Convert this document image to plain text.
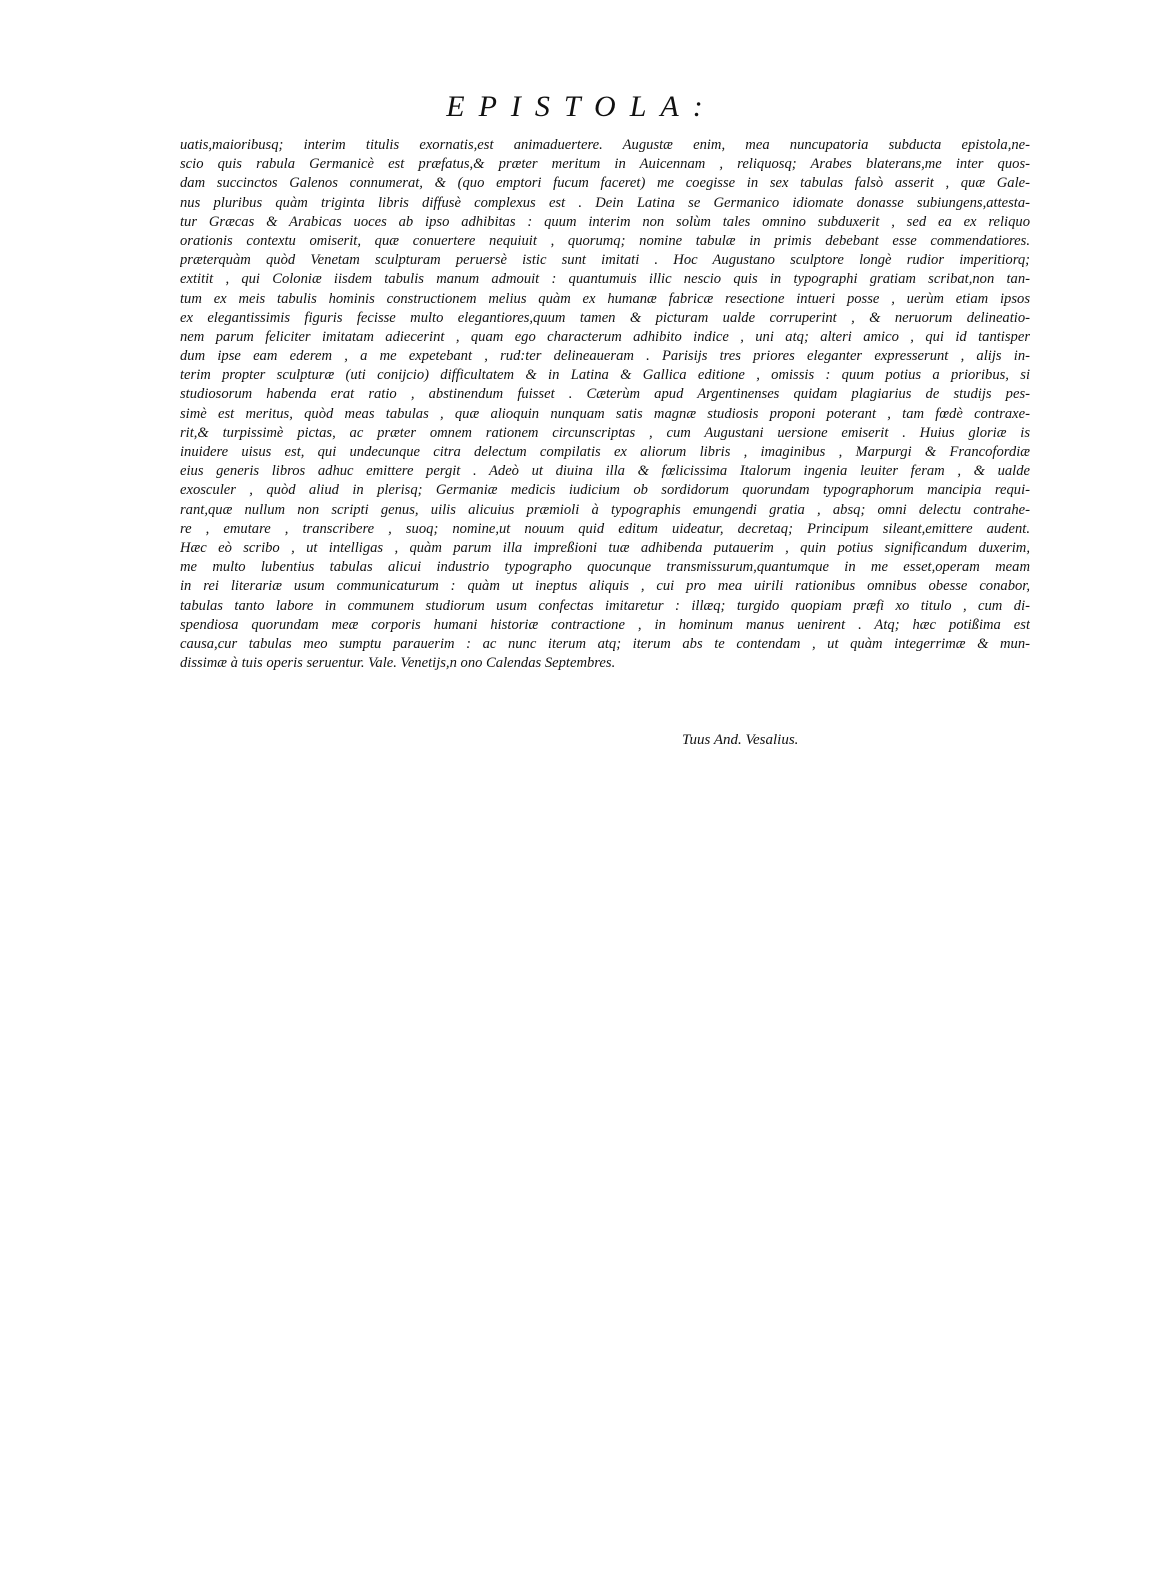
EPISTOLA:
uatis,maioribusq; interim titulis exornatis,est animaduertere. Augustæ enim, mea nuncupatoria subducta epistola,ne-
scio quis rabula Germanicè est præfatus,& præter meritum in Auicennam , reliquosq; Arabes blaterans,me inter quos-
dam succinctos Galenos connumerat, & (quo emptori fucum faceret) me coegisse in sex tabulas falsò asserit , quæ Gale-
nus pluribus quàm triginta libris diffusè complexus est . Dein Latina se Germanico idiomate donasse subiungens,attesta-
tur Græcas & Arabicas uoces ab ipso adhibitas : quum interim non solùm tales omnino subduxerit , sed ea ex reliquo
orationis contextu omiserit, quæ conuertere nequiuit , quorumq; nomine tabulæ in primis debebant esse commendatiores.
præterquàm quòd Venetam sculpturam peruersè istic sunt imitati . Hoc Augustano sculptore longè rudior imperitiorq;
extitit , qui Coloniæ iisdem tabulis manum admouit : quantumuis illic nescio quis in typographi gratiam scribat,non tan-
tum ex meis tabulis hominis constructionem melius quàm ex humanæ fabricæ resectione intueri posse , uerùm etiam ipsos
ex elegantissimis figuris fecisse multo elegantiores,quum tamen & picturam ualde corruperint , & neruorum delineatio-
nem parum feliciter imitatam adiecerint , quam ego characterum adhibito indice , uni atq; alteri amico , qui id tantisper
dum ipse eam ederem , a me expetebant , rud:ter delineaueram . Parisijs tres priores eleganter expresserunt , alijs in-
terim propter sculpturæ (uti conijcio) difficultatem & in Latina & Gallica editione , omissis : quum potius a prioribus, si
studiosorum habenda erat ratio , abstinendum fuisset . Cæterùm apud Argentinenses quidam plagiarius de studijs pes-
simè est meritus, quòd meas tabulas , quæ alioquin nunquam satis magnæ studiosis proponi poterant , tam fœdè contraxe-
rit,& turpissimè pictas, ac præter omnem rationem circunscriptas , cum Augustani uersione emiserit . Huius gloriæ is
inuidere uisus est, qui undecunque citra delectum compilatis ex aliorum libris , imaginibus , Marpurgi & Francofordiæ
eius generis libros adhuc emittere pergit . Adeò ut diuina illa & fœlicissima Italorum ingenia leuiter feram , & ualde
exosculer , quòd aliud in plerisq; Germaniæ medicis iudicium ob sordidorum quorundam typographorum mancipia requi-
rant,quæ nullum non scripti genus, uilis alicuius præmioli à typographis emungendi gratia , absq; omni delectu contrahe-
re , emutare , transcribere , suoq; nomine,ut nouum quid editum uideatur, decretaq; Principum sileant,emittere audent.
Hæc eò scribo , ut intelligas , quàm parum illa impreßioni tuæ adhibenda putauerim , quin potius significandum duxerim,
me multo lubentius tabulas alicui industrio typographo quocunque transmissurum,quantumque in me esset,operam meam
in rei literariæ usum communicaturum : quàm ut ineptus aliquis , cui pro mea uirili rationibus omnibus obesse conabor,
tabulas tanto labore in communem studiorum usum confectas imitaretur : illæq; turgido quopiam præfi xo titulo , cum di-
spendiosa quorundam meæ corporis humani historiæ contractione , in hominum manus uenirent . Atq; hæc potißima est
causa,cur tabulas meo sumptu parauerim : ac nunc iterum atq; iterum abs te contendam , ut quàm integerrimæ & mun-
dissimæ à tuis operis seruentur. Vale. Venetijs,n ono Calendas Septembres.
Tuus And. Vesalius.
